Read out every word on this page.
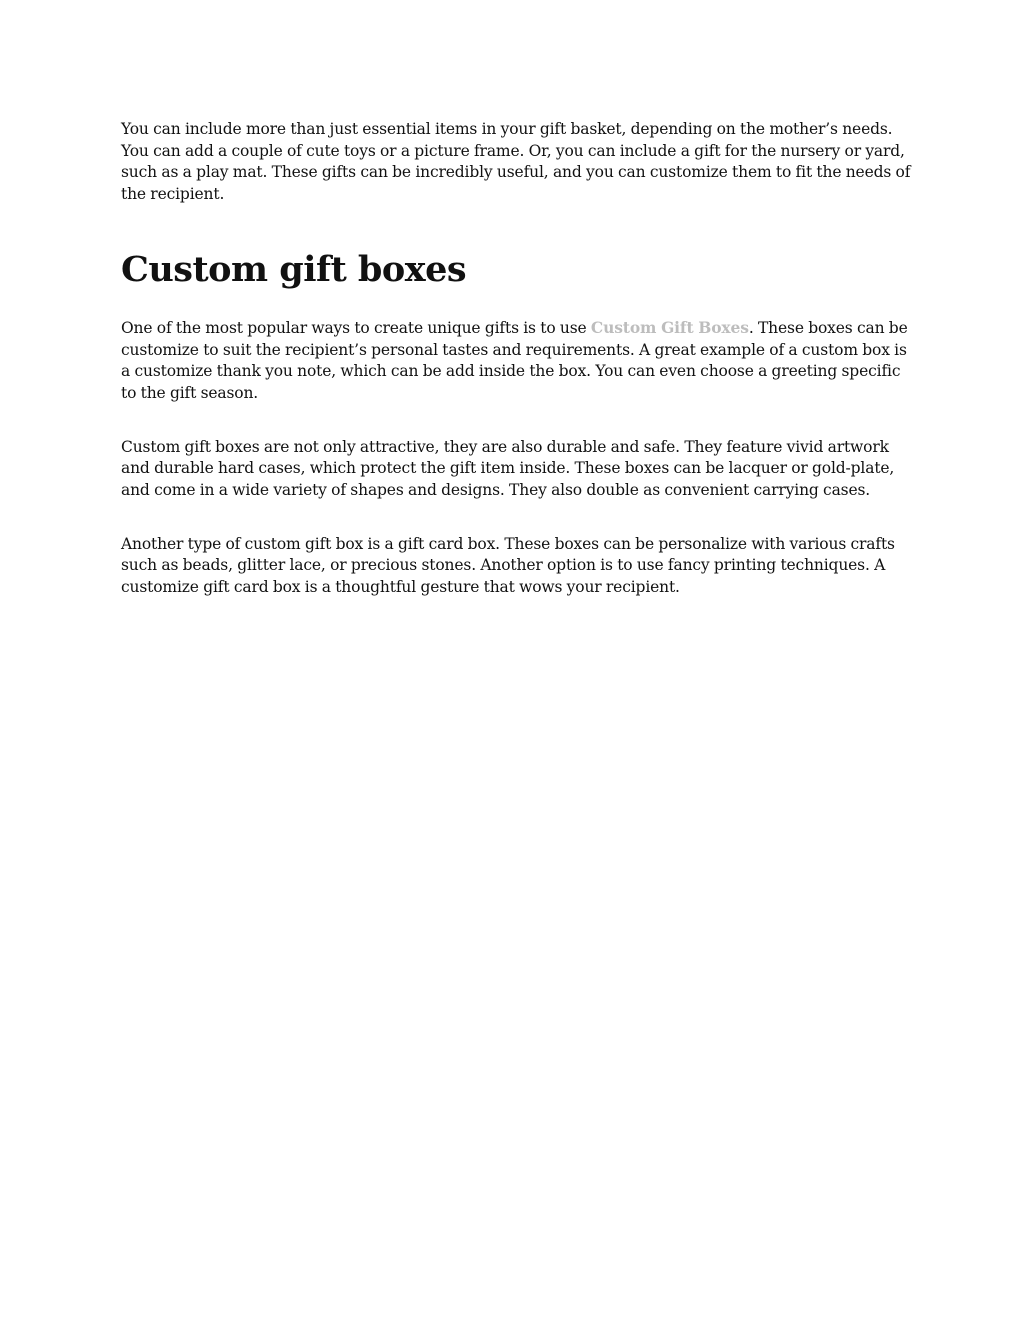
You can include more than just essential items in your gift basket, depending on the mother’s needs. You can add a couple of cute toys or a picture frame. Or, you can include a gift for the nursery or yard, such as a play mat. These gifts can be incredibly useful, and you can customize them to fit the needs of the recipient.

Custom gift boxes

One of the most popular ways to create unique gifts is to use Custom Gift Boxes. These boxes can be customize to suit the recipient’s personal tastes and requirements. A great example of a custom box is a customize thank you note, which can be add inside the box. You can even choose a greeting specific to the gift season.

Custom gift boxes are not only attractive, they are also durable and safe. They feature vivid artwork and durable hard cases, which protect the gift item inside. These boxes can be lacquer or gold-plate, and come in a wide variety of shapes and designs. They also double as convenient carrying cases.

Another type of custom gift box is a gift card box. These boxes can be personalize with various crafts such as beads, glitter lace, or precious stones. Another option is to use fancy printing techniques. A customize gift card box is a thoughtful gesture that wows your recipient.
